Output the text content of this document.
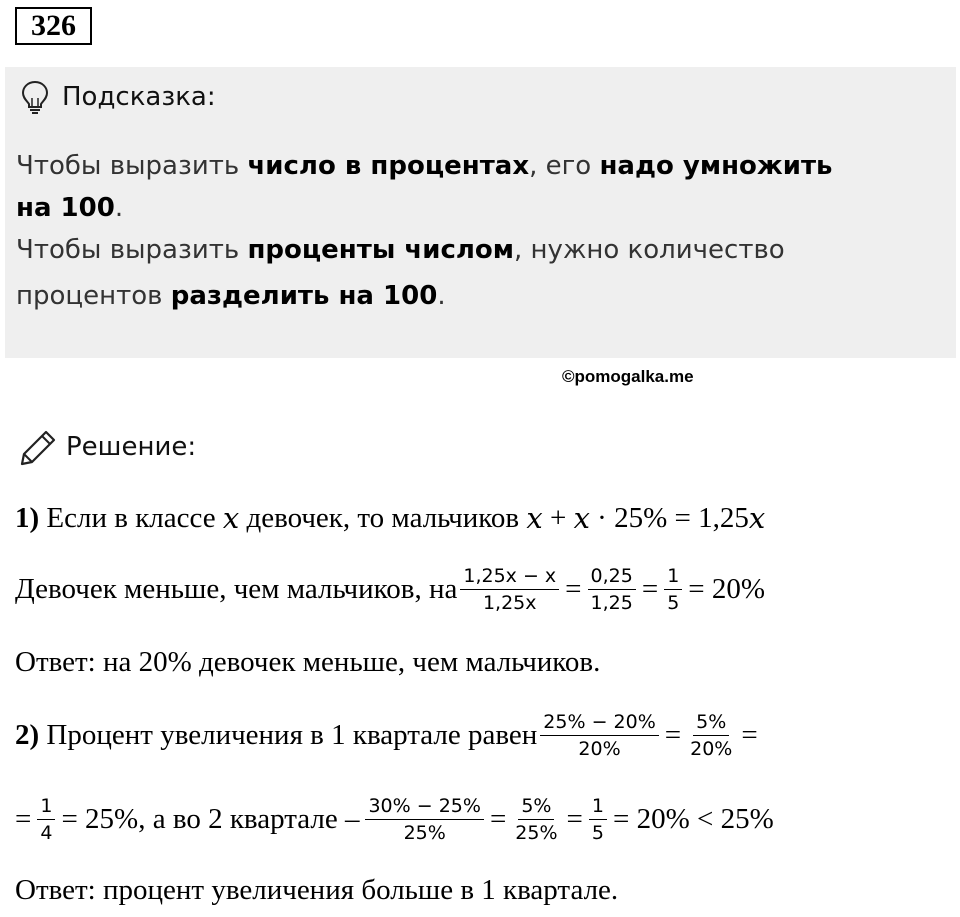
326
Подсказка:
Чтобы выразить число в процентах, его надо умножить
на 100.
Чтобы выразить проценты числом, нужно количество
процентов разделить на 100.
©pomogalka.me
Решение:
1) Если в классе x девочек, то мальчиков x + x · 25% = 1,25 x
Девочек меньше, чем мальчиков, на $\frac{1,25x - x}{1,25x} = \frac{0,25}{1,25} = \frac{1}{5} = 20\%$
Ответ: на 20% девочек меньше, чем мальчиков.
2) Процент увеличения в 1 квартале равен $\frac{25\% - 20\%}{20\%} = \frac{5\%}{20\%}$ =
= $\frac{1}{4} = 25\%$, а во 2 квартале – $\frac{30\% - 25\%}{25\%} = \frac{5\%}{25\%} = \frac{1}{5} = 20\% < 25\%$
Ответ: процент увеличения больше в 1 квартале.
